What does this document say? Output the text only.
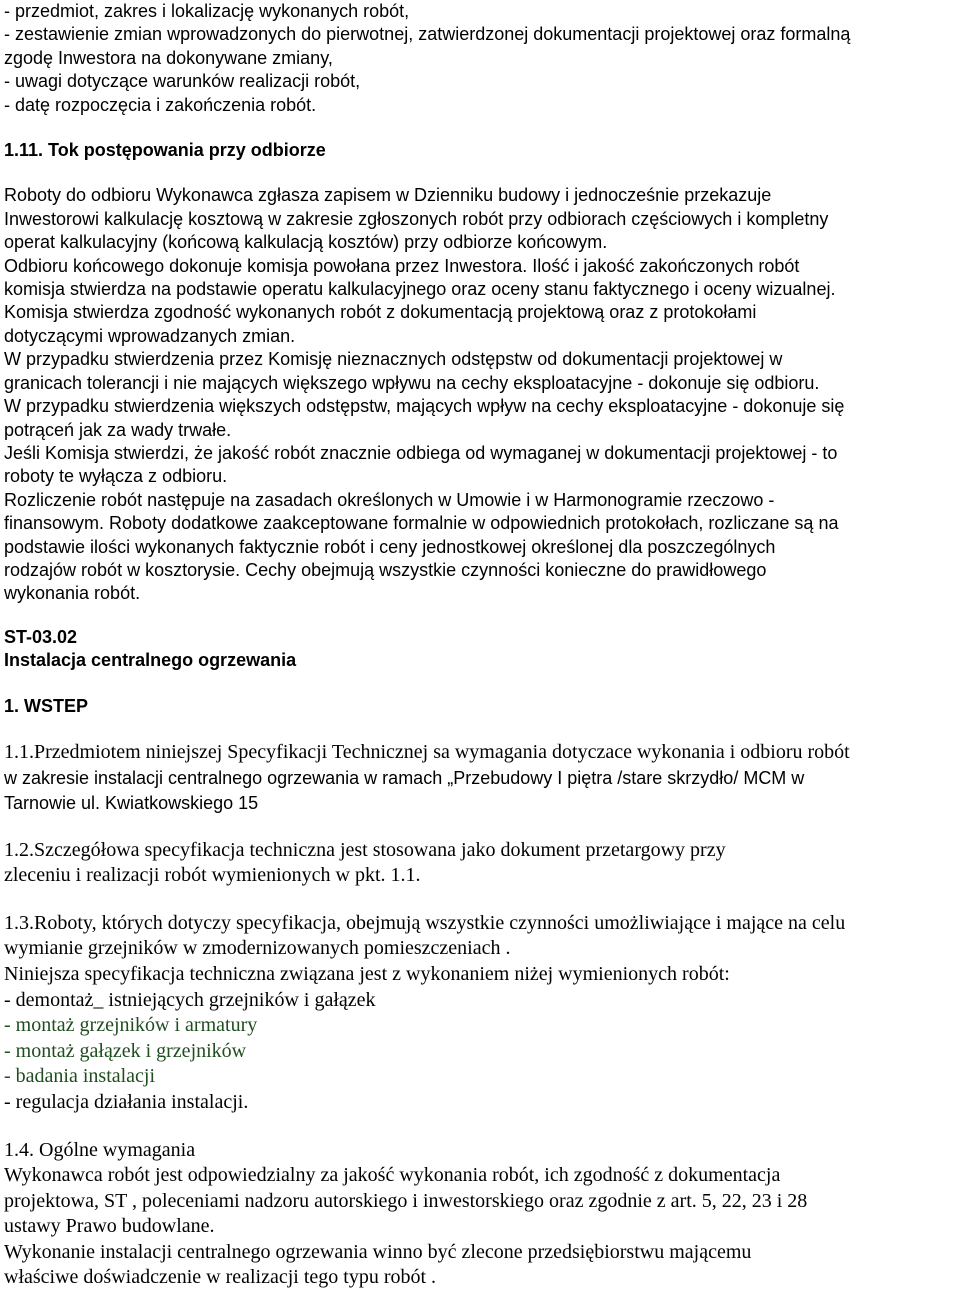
- przedmiot, zakres i lokalizację wykonanych robót,
- zestawienie zmian wprowadzonych do pierwotnej, zatwierdzonej dokumentacji projektowej oraz formalną
zgodę Inwestora na dokonywane zmiany,
- uwagi dotyczące warunków realizacji robót,
- datę rozpoczęcia i zakończenia robót.
1.11. Tok postępowania przy odbiorze
Roboty do odbioru Wykonawca zgłasza zapisem w Dzienniku budowy i jednocześnie przekazuje
Inwestorowi kalkulację kosztową w zakresie zgłoszonych robót przy odbiorach częściowych i kompletny
operat kalkulacyjny (końcową kalkulacją kosztów) przy odbiorze końcowym.
Odbioru końcowego dokonuje komisja powołana przez Inwestora. Ilość i jakość zakończonych robót
komisja stwierdza na podstawie operatu kalkulacyjnego oraz oceny stanu faktycznego i oceny wizualnej.
Komisja stwierdza zgodność wykonanych robót z dokumentacją projektową oraz z protokołami
dotyczącymi wprowadzanych zmian.
W przypadku stwierdzenia przez Komisję nieznacznych odstępstw od dokumentacji projektowej w
granicach tolerancji i nie mających większego wpływu na cechy eksploatacyjne - dokonuje się odbioru.
W przypadku stwierdzenia większych odstępstw, mających wpływ na cechy eksploatacyjne - dokonuje się
potrąceń jak za wady trwałe.
Jeśli Komisja stwierdzi, że jakość robót znacznie odbiega od wymaganej w dokumentacji projektowej - to
roboty te wyłącza z odbioru.
Rozliczenie robót następuje na zasadach określonych w Umowie i w Harmonogramie rzeczowo -
finansowym. Roboty dodatkowe zaakceptowane formalnie w odpowiednich protokołach, rozliczane są na
podstawie ilości wykonanych faktycznie robót i ceny jednostkowej określonej dla poszczególnych
rodzajów robót w kosztorysie. Cechy obejmują wszystkie czynności konieczne do prawidłowego
wykonania robót.
ST-03.02
Instalacja centralnego ogrzewania
1. WSTEP
1.1.Przedmiotem niniejszej Specyfikacji Technicznej sa wymagania dotyczace wykonania i odbioru robót
w zakresie instalacji centralnego ogrzewania w ramach „Przebudowy I piętra /stare skrzydło/ MCM w
Tarnowie ul. Kwiatkowskiego 15
1.2.Szczegółowa specyfikacja techniczna jest stosowana jako dokument przetargowy przy
zleceniu i realizacji robót wymienionych w pkt. 1.1.
1.3.Roboty, których dotyczy specyfikacja, obejmują wszystkie czynności umożliwiające i mające na celu
wymianie grzejników w zmodernizowanych pomieszczeniach .
Niniejsza specyfikacja techniczna związana jest z wykonaniem niżej wymienionych robót:
- demontaż_ istniejących grzejników i gałązek
- montaż grzejników i armatury
- montaż gałązek i grzejników
- badania instalacji
- regulacja działania instalacji.
1.4. Ogólne wymagania
Wykonawca robót jest odpowiedzialny za jakość wykonania robót, ich zgodność z dokumentacja
projektowa, ST , poleceniami nadzoru autorskiego i inwestorskiego oraz zgodnie z art. 5, 22, 23 i 28
ustawy Prawo budowlane.
Wykonanie instalacji centralnego ogrzewania winno być zlecone przedsiębiorstwu mającemu
właściwe doświadczenie w realizacji tego typu robót .
